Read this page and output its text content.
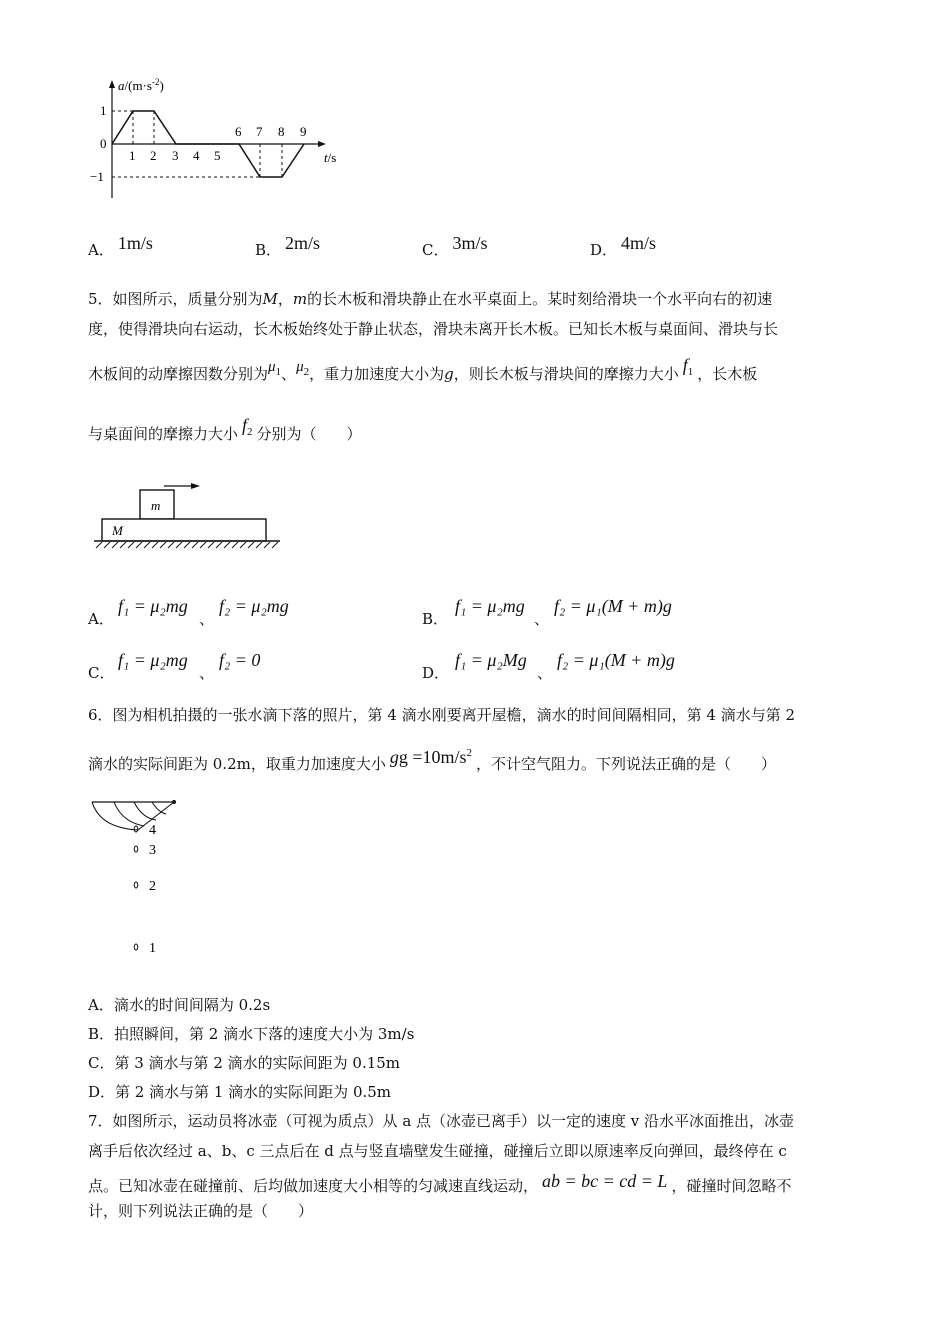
$a/(m\cdot s^{-2})$
t/s
1
0
−1
1 2 3 4 5
6 7 8 9
A． 1m/s	B． 2m/s	C． 3m/s	D． 4m/s
5．如图所示，质量分别为M，m的长木板和滑块静止在水平桌面上。某时刻给滑块一个水平向右的初速
度，使得滑块向右运动，长木板始终处于静止状态，滑块未离开长木板。已知长木板与桌面间、滑块与长
木板间的动摩擦因数分别为$\mu_1$、$\mu_2$，重力加速度大小为g，则长木板与滑块间的摩擦力大小 $f_1$ ，长木板
与桌面间的摩擦力大小 $f_2$ 分别为（　　）
m
M
A．
f₁ = μ₂mg
、
f₂ = μ₂mg
B．
f₁ = μ₂mg
、
f₂ = μ₁(M + m)g
C．
f₁ = μ₂mg
、
f₂ = 0
D．
f₁ = μ₂Mg
、
f₂ = μ₁(M + m)g
6．图为相机拍摄的一张水滴下落的照片，第 4 滴水刚要离开屋檐，滴水的时间间隔相同，第 4 滴水与第 2
滴水的实际间距为 0.2m，取重力加速度大小 gg $=10m/s^2$，不计空气阻力。下列说法正确的是（　　）
4
3
2
1
A．滴水的时间间隔为 0.2s
B．拍照瞬间，第 2 滴水下落的速度大小为 3m/s
C．第 3 滴水与第 2 滴水的实际间距为 0.15m
D．第 2 滴水与第 1 滴水的实际间距为 0.5m
7．如图所示，运动员将冰壶（可视为质点）从 a 点（冰壶已离手）以一定的速度 v 沿水平冰面推出，冰壶
离手后依次经过 a、b、c 三点后在 d 点与竖直墙壁发生碰撞，碰撞后立即以原速率反向弹回，最终停在 c
点。已知冰壶在碰撞前、后均做加速度大小相等的匀减速直线运动， ab = bc = cd = L ，碰撞时间忽略不
计，则下列说法正确的是（　　）
